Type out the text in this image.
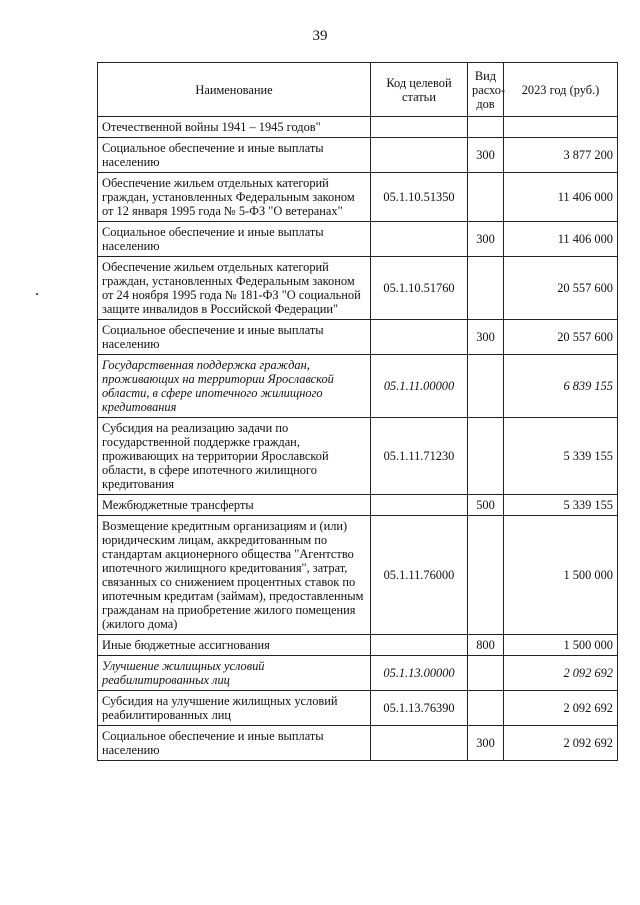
39
Наименование	Код целевой статьи	Вид расхо-дов	2023 год (руб.)
Отечественной войны 1941 – 1945 годов"			
Социальное обеспечение и иные выплаты населению		300	3 877 200
Обеспечение жильем отдельных категорий граждан, установленных Федеральным законом от 12 января 1995 года № 5-ФЗ "О ветеранах"	05.1.10.51350		11 406 000
Социальное обеспечение и иные выплаты населению		300	11 406 000
Обеспечение жильем отдельных категорий граждан, установленных Федеральным законом от 24 ноября 1995 года № 181-ФЗ "О социальной защите инвалидов в Российской Федерации"	05.1.10.51760		20 557 600
Социальное обеспечение и иные выплаты населению		300	20 557 600
Государственная поддержка граждан, проживающих на территории Ярославской области, в сфере ипотечного жилищного кредитования	05.1.11.00000		6 839 155
Субсидия на реализацию задачи по государственной поддержке граждан, проживающих на территории Ярославской области, в сфере ипотечного жилищного кредитования	05.1.11.71230		5 339 155
Межбюджетные трансферты		500	5 339 155
Возмещение кредитным организациям и (или) юридическим лицам, аккредитованным по стандартам акционерного общества "Агентство ипотечного жилищного кредитования", затрат, связанных со снижением процентных ставок по ипотечным кредитам (займам), предоставленным гражданам на приобретение жилого помещения (жилого дома)	05.1.11.76000		1 500 000
Иные бюджетные ассигнования		800	1 500 000
Улучшение жилищных условий реабилитированных лиц	05.1.13.00000		2 092 692
Субсидия на улучшение жилищных условий реабилитированных лиц	05.1.13.76390		2 092 692
Социальное обеспечение и иные выплаты населению		300	2 092 692
